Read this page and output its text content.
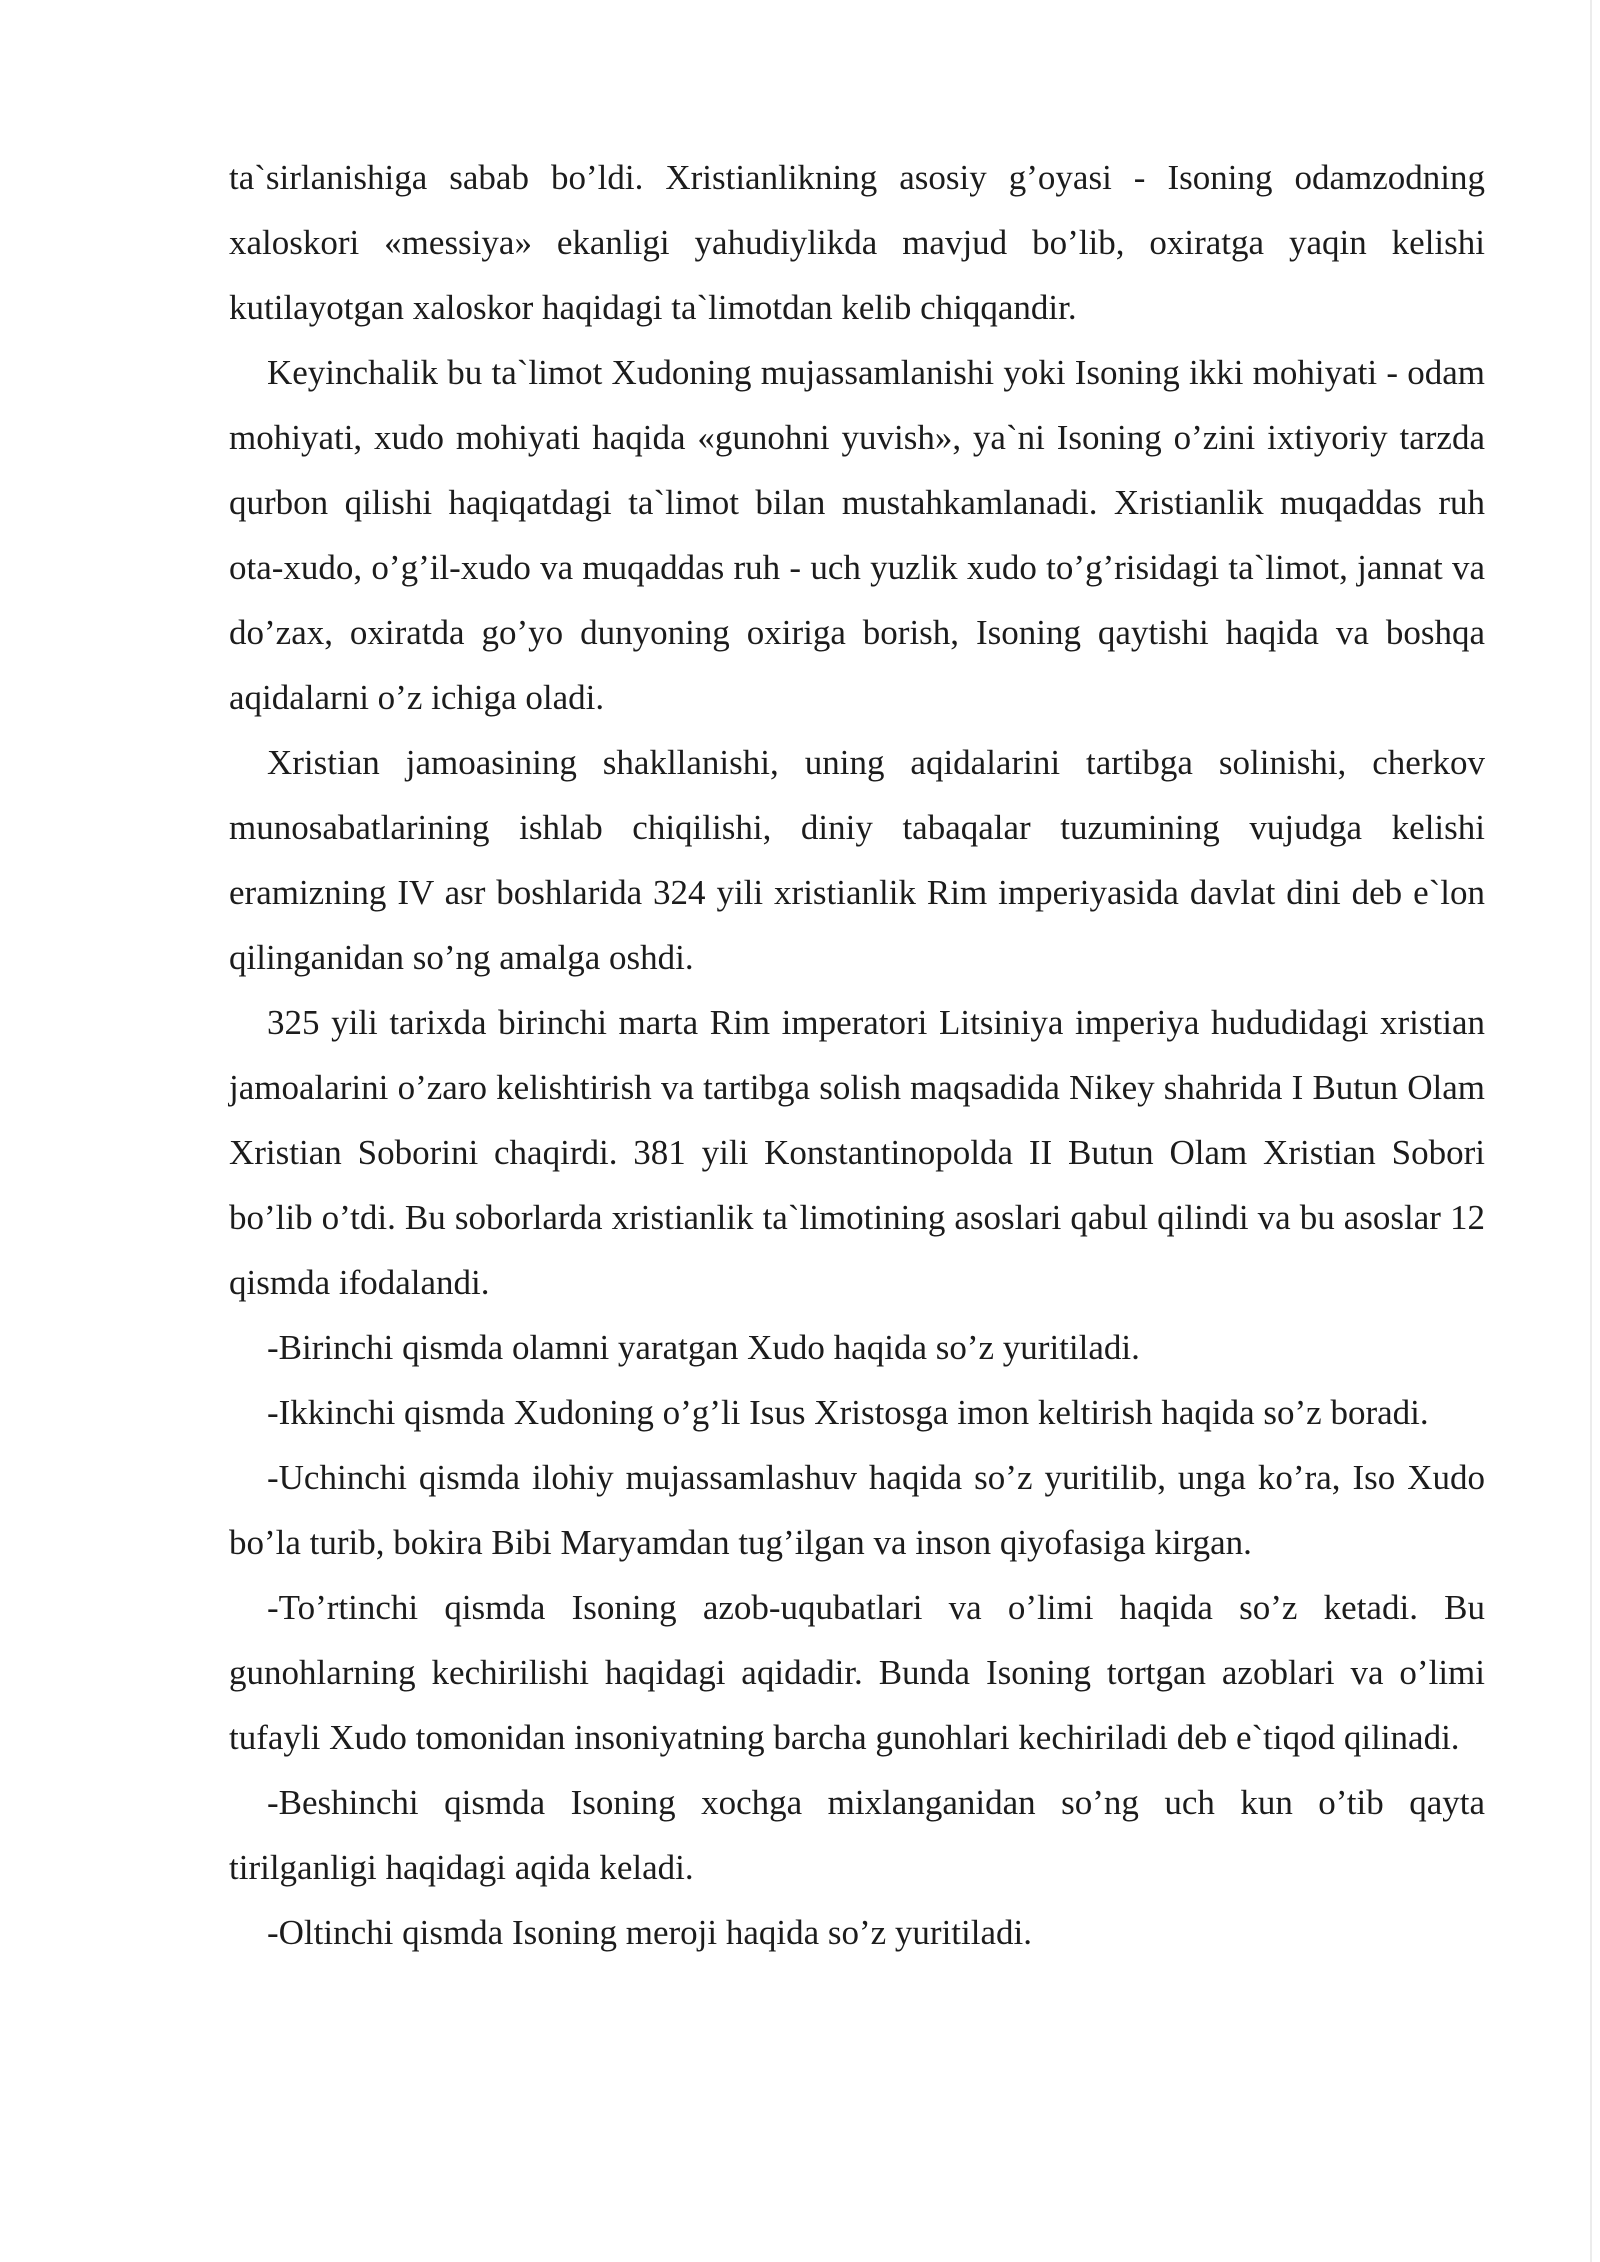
ta`sirlanishiga sabab bo’ldi. Xristianlikning asosiy g’oyasi - Isoning odamzodning xaloskori «messiya» ekanligi yahudiylikda mavjud bo’lib, oxiratga yaqin kelishi kutilayotgan xaloskor haqidagi ta`limotdan kelib chiqqandir.

Keyinchalik bu ta`limot Xudoning mujassamlanishi yoki Isoning ikki mohiyati - odam mohiyati, xudo mohiyati haqida «gunohni yuvish», ya`ni Isoning o’zini ixtiyoriy tarzda qurbon qilishi haqiqatdagi ta`limot bilan mustahkamlanadi. Xristianlik muqaddas ruh ota-xudo, o’g’il-xudo va muqaddas ruh - uch yuzlik xudo to’g’risidagi ta`limot, jannat va do’zax, oxiratda go’yo dunyoning oxiriga borish, Isoning qaytishi haqida va boshqa aqidalarni o’z ichiga oladi.

Xristian jamoasining shakllanishi, uning aqidalarini tartibga solinishi, cherkov munosabatlarining ishlab chiqilishi, diniy tabaqalar tuzumining vujudga kelishi eramizning IV asr boshlarida 324 yili xristianlik Rim imperiyasida davlat dini deb e`lon qilinganidan so’ng amalga oshdi.

325 yili tarixda birinchi marta Rim imperatori Litsiniya imperiya hududidagi xristian jamoalarini o’zaro kelishtirish va tartibga solish maqsadida Nikey shahrida I Butun Olam Xristian Soborini chaqirdi. 381 yili Konstantinopolda II Butun Olam Xristian Sobori bo’lib o’tdi. Bu soborlarda xristianlik ta`limotining asoslari qabul qilindi va bu asoslar 12 qismda ifodalandi.

-Birinchi qismda olamni yaratgan Xudo haqida so’z yuritiladi.

-Ikkinchi qismda Xudoning o’g’li Isus Xristosga imon keltirish haqida so’z boradi.

-Uchinchi qismda ilohiy mujassamlashuv haqida so’z yuritilib, unga ko’ra, Iso Xudo bo’la turib, bokira Bibi Maryamdan tug’ilgan va inson qiyofasiga kirgan.

-To’rtinchi qismda Isoning azob-uqubatlari va o’limi haqida so’z ketadi. Bu gunohlarning kechirilishi haqidagi aqidadir. Bunda Isoning tortgan azoblari va o’limi tufayli Xudo tomonidan insoniyatning barcha gunohlari kechiriladi deb e`tiqod qilinadi.

-Beshinchi qismda Isoning xochga mixlanganidan so’ng uch kun o’tib qayta tirilganligi haqidagi aqida keladi.

-Oltinchi qismda Isoning meroji haqida so’z yuritiladi.
